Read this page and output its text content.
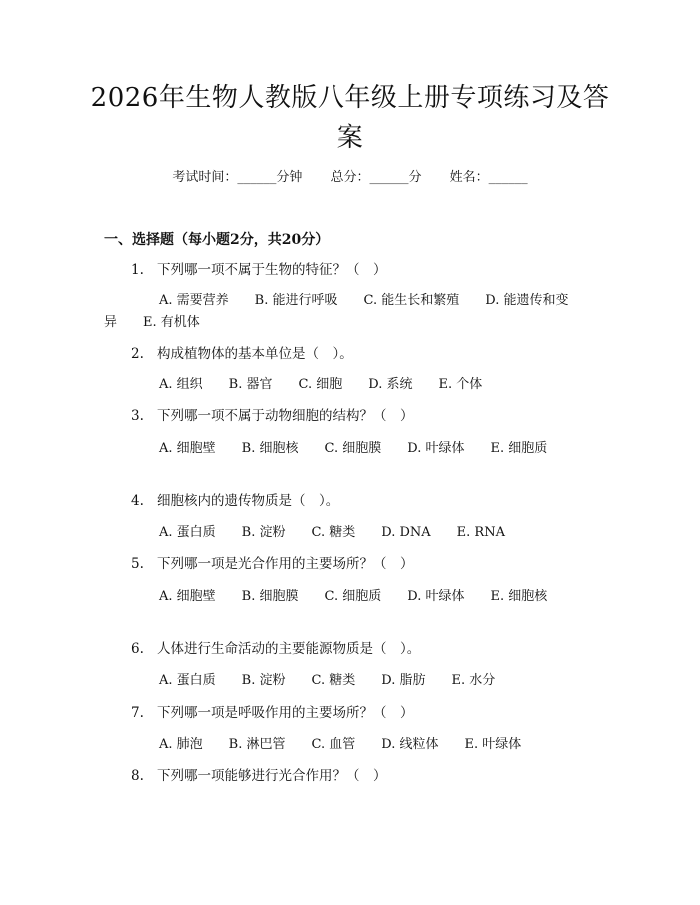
2026年生物人教版八年级上册专项练习及答案
考试时间：______分钟 总分：______分 姓名：______
一、选择题（每小题2分，共20分）
1. 下列哪一项不属于生物的特征？（　）
A. 需要营养 B. 能进行呼吸 C. 能生长和繁殖 D. 能遗传和变异 E. 有机体
2. 构成植物体的基本单位是（　）。
A. 组织 B. 器官 C. 细胞 D. 系统 E. 个体
3. 下列哪一项不属于动物细胞的结构？（　）
A. 细胞壁 B. 细胞核 C. 细胞膜 D. 叶绿体 E. 细胞质
4. 细胞核内的遗传物质是（　）。
A. 蛋白质 B. 淀粉 C. 糖类 D. DNA E. RNA
5. 下列哪一项是光合作用的主要场所？（　）
A. 细胞壁 B. 细胞膜 C. 细胞质 D. 叶绿体 E. 细胞核
6. 人体进行生命活动的主要能源物质是（　）。
A. 蛋白质 B. 淀粉 C. 糖类 D. 脂肪 E. 水分
7. 下列哪一项是呼吸作用的主要场所？（　）
A. 肺泡 B. 淋巴管 C. 血管 D. 线粒体 E. 叶绿体
8. 下列哪一项能够进行光合作用？（　）
